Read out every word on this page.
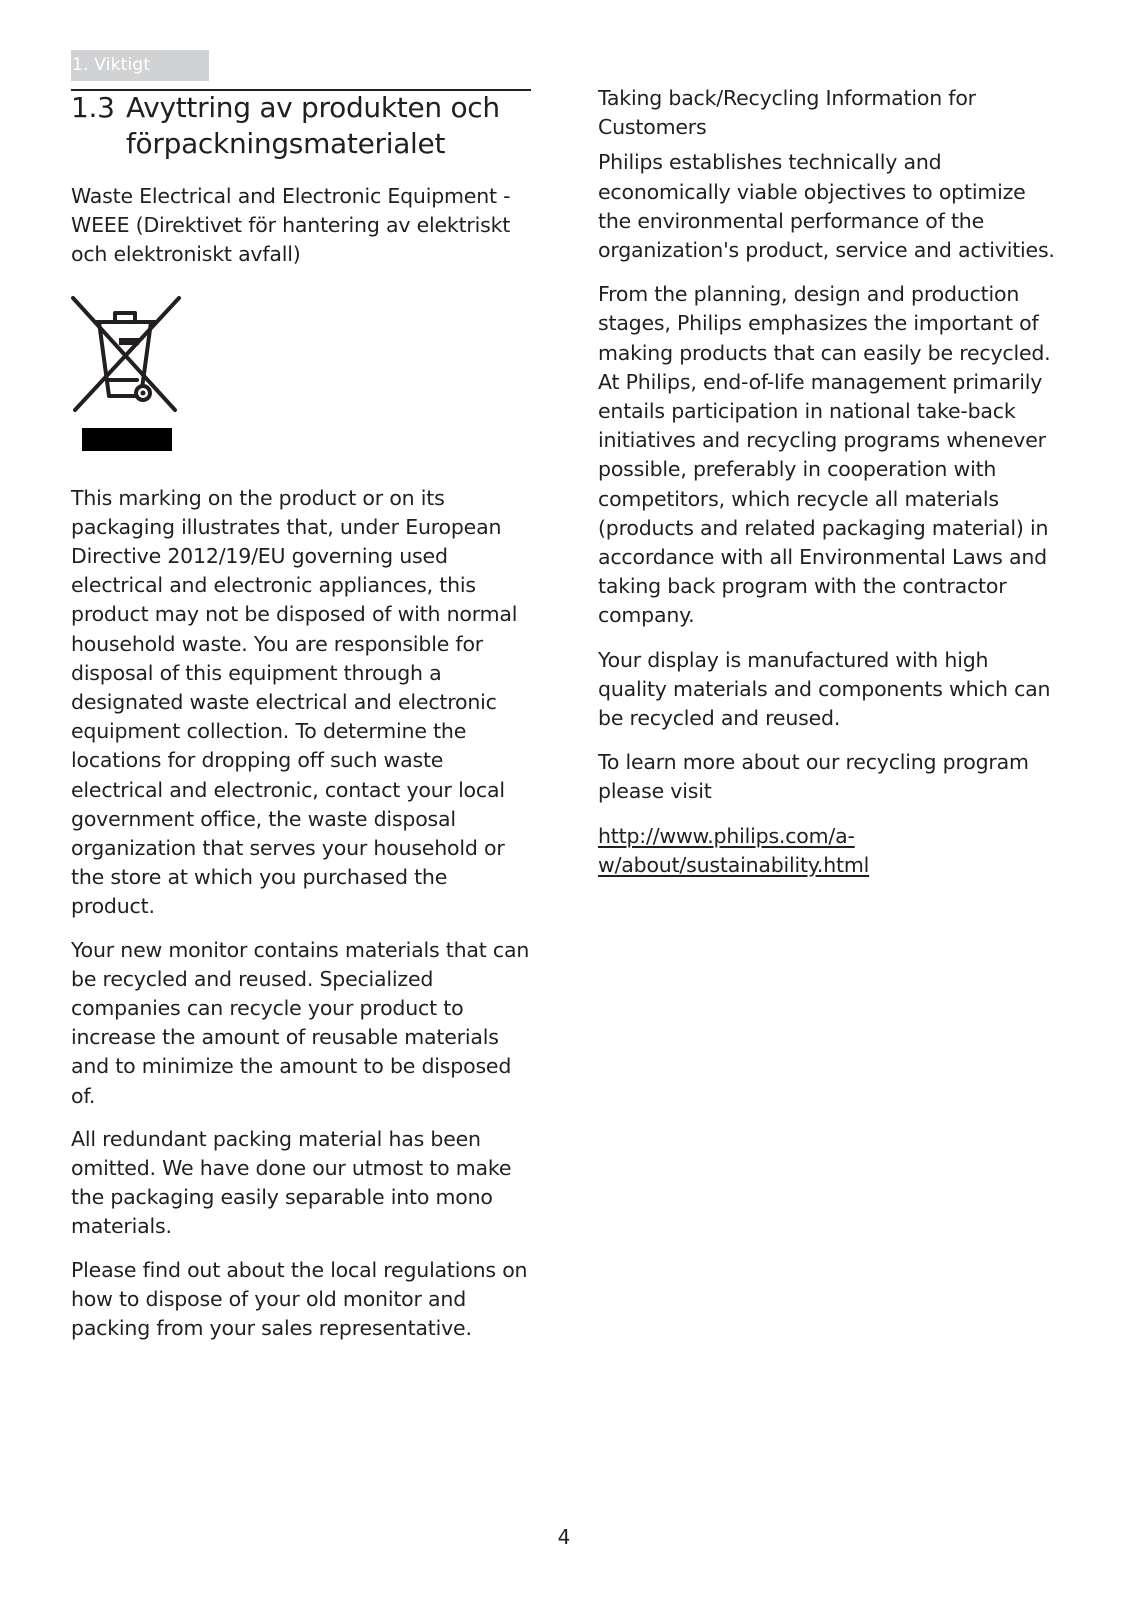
1. Viktigt
1.3 Avyttring av produkten och förpackningsmaterialet

Waste Electrical and Electronic Equipment - WEEE (Direktivet för hantering av elektriskt och elektroniskt avfall)

This marking on the product or on its packaging illustrates that, under European Directive 2012/19/EU governing used electrical and electronic appliances, this product may not be disposed of with normal household waste. You are responsible for disposal of this equipment through a designated waste electrical and electronic equipment collection. To determine the locations for dropping off such waste electrical and electronic, contact your local government office, the waste disposal organization that serves your household or the store at which you purchased the product.

Your new monitor contains materials that can be recycled and reused. Specialized companies can recycle your product to increase the amount of reusable materials and to minimize the amount to be disposed of.

All redundant packing material has been omitted. We have done our utmost to make the packaging easily separable into mono materials.

Please find out about the local regulations on how to dispose of your old monitor and packing from your sales representative.

Taking back/Recycling Information for Customers

Philips establishes technically and economically viable objectives to optimize the environmental performance of the organization's product, service and activities.

From the planning, design and production stages, Philips emphasizes the important of making products that can easily be recycled. At Philips, end-of-life management primarily entails participation in national take-back initiatives and recycling programs whenever possible, preferably in cooperation with competitors, which recycle all materials (products and related packaging material) in accordance with all Environmental Laws and taking back program with the contractor company.

Your display is manufactured with high quality materials and components which can be recycled and reused.

To learn more about our recycling program please visit

http://www.philips.com/a-w/about/sustainability.html

4
